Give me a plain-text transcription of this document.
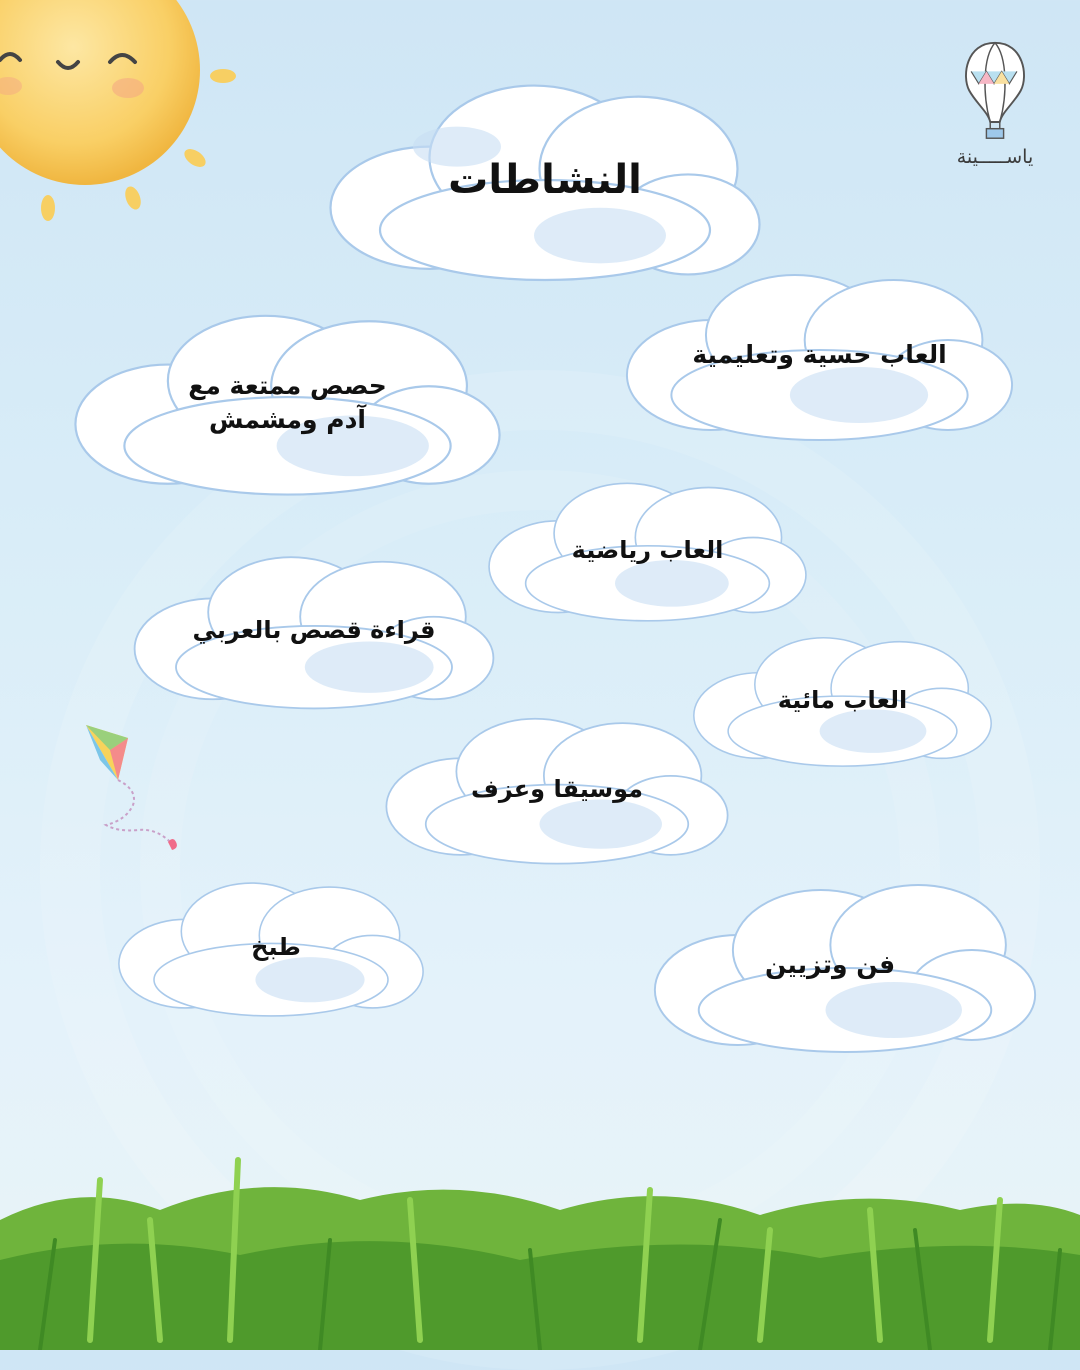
ياســـــينة
النشاطات
العاب حسية وتعليمية
حصص ممتعة مع آدم ومشمش
العاب رياضية
قراءة قصص بالعربي
العاب مائية
موسيقا وعزف
طبخ
فن وتزيين
